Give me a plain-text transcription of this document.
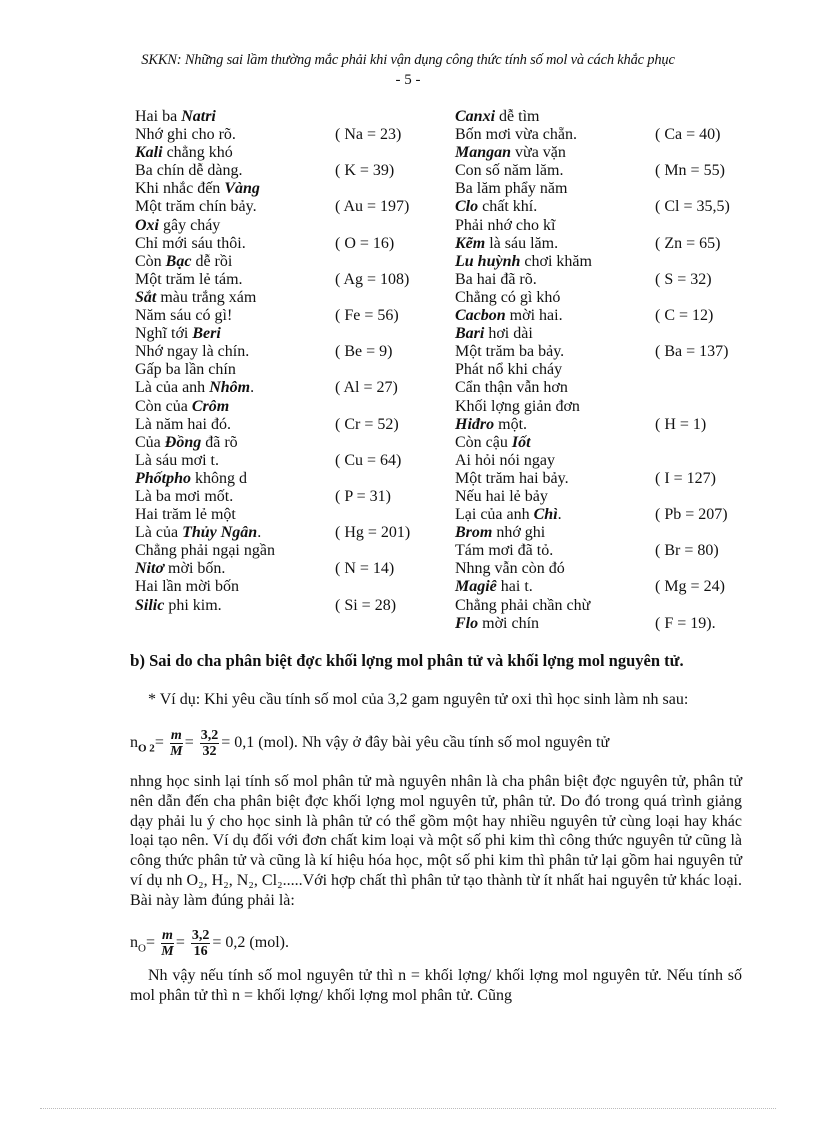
SKKN: Những sai lầm thường mắc phải khi vận dụng công thức tính số mol và cách khắc phục
- 5 -
Hai ba Natri
Nhớ ghi cho rõ.	( Na = 23)
Kali chẳng khó
Ba chín dễ dàng.	( K = 39)
Khi nhắc đến Vàng
Một trăm chín bảy.	( Au = 197)
Oxi gây cháy
Chỉ mới sáu thôi.	( O = 16)
Còn Bạc dễ rồi
Một trăm lẻ tám.	( Ag = 108)
Sắt màu trắng xám
Năm sáu có gì!	( Fe = 56)
Nghĩ tới Beri
Nhớ ngay là chín.	( Be = 9)
Gấp ba lần chín
Là của anh Nhôm.	( Al = 27)
Còn của Crôm
Là năm hai đó.	( Cr = 52)
Của Đồng đã rõ
Là sáu mơi t.	( Cu = 64)
Phốtpho không d
Là ba mơi mốt.	( P = 31)
Hai trăm lẻ một
Là của Thủy Ngân.	( Hg = 201)
Chẳng phải ngại ngần
Nitơ mời bốn.	( N = 14)
Hai lần mời bốn
Silic phi kim.	( Si = 28)
Canxi dễ tìm
Bốn mơi vừa chẵn.	( Ca = 40)
Mangan vừa vặn
Con số năm lăm.	( Mn = 55)
Ba lăm phẩy năm
Clo chất khí.	( Cl = 35,5)
Phải nhớ cho kĩ
Kẽm là sáu lăm.	( Zn = 65)
Lu huỳnh chơi khăm
Ba hai đã rõ.	( S = 32)
Chẳng có gì khó
Cacbon mời hai.	( C = 12)
Bari hơi dài
Một trăm ba bảy.	( Ba = 137)
Phát nổ khi cháy
Cẩn thận vẫn hơn
Khối lợng giản đơn
Hiđro một.	( H = 1)
Còn cậu Iốt
Ai hỏi nói ngay
Một trăm hai bảy.	( I = 127)
Nếu hai lẻ bảy
Lại của anh Chì.	( Pb = 207)
Brom nhớ ghi
Tám mơi đã tỏ.	( Br = 80)
Nhng vẫn còn đó
Magiê hai t.	( Mg = 24)
Chẳng phải chần chừ
Flo mời chín	( F = 19).
b) Sai do cha phân biệt đợc khối lợng mol phân tử và khối lợng mol nguyên tử.
* Ví dụ: Khi yêu cầu tính số mol của 3,2 gam nguyên tử oxi thì học sinh làm nh sau:
$n_{O 2}= \frac{m}{M} = \frac{3,2}{32} = 0,1$ (mol). Nh vậy ở đây bài yêu cầu tính số mol nguyên tử
nhng học sinh lại tính số mol phân tử mà nguyên nhân là cha phân biệt đợc nguyên tử, phân tử nên dẫn đến cha phân biệt đợc khối lợng mol nguyên tử, phân tử. Do đó trong quá trình giảng dạy phải lu ý cho học sinh là phân tử có thể gồm một hay nhiều nguyên tử cùng loại hay khác loại tạo nên. Ví dụ đối với đơn chất kim loại và một số phi kim thì công thức nguyên tử cũng là công thức phân tử và cũng là kí hiệu hóa học, một số phi kim thì phân tử lại gồm hai nguyên tử ví dụ nh O₂, H₂, N₂, Cl₂.....Với hợp chất thì phân tử tạo thành từ ít nhất hai nguyên tử khác loại. Bài này làm đúng phải là:
$n_O= \frac{m}{M} = \frac{3,2}{16} = 0,2$ (mol).
Nh vậy nếu tính số mol nguyên tử thì n = khối lợng/ khối lợng mol nguyên tử. Nếu tính số mol phân tử thì n = khối lợng/ khối lợng mol phân tử. Cũng
